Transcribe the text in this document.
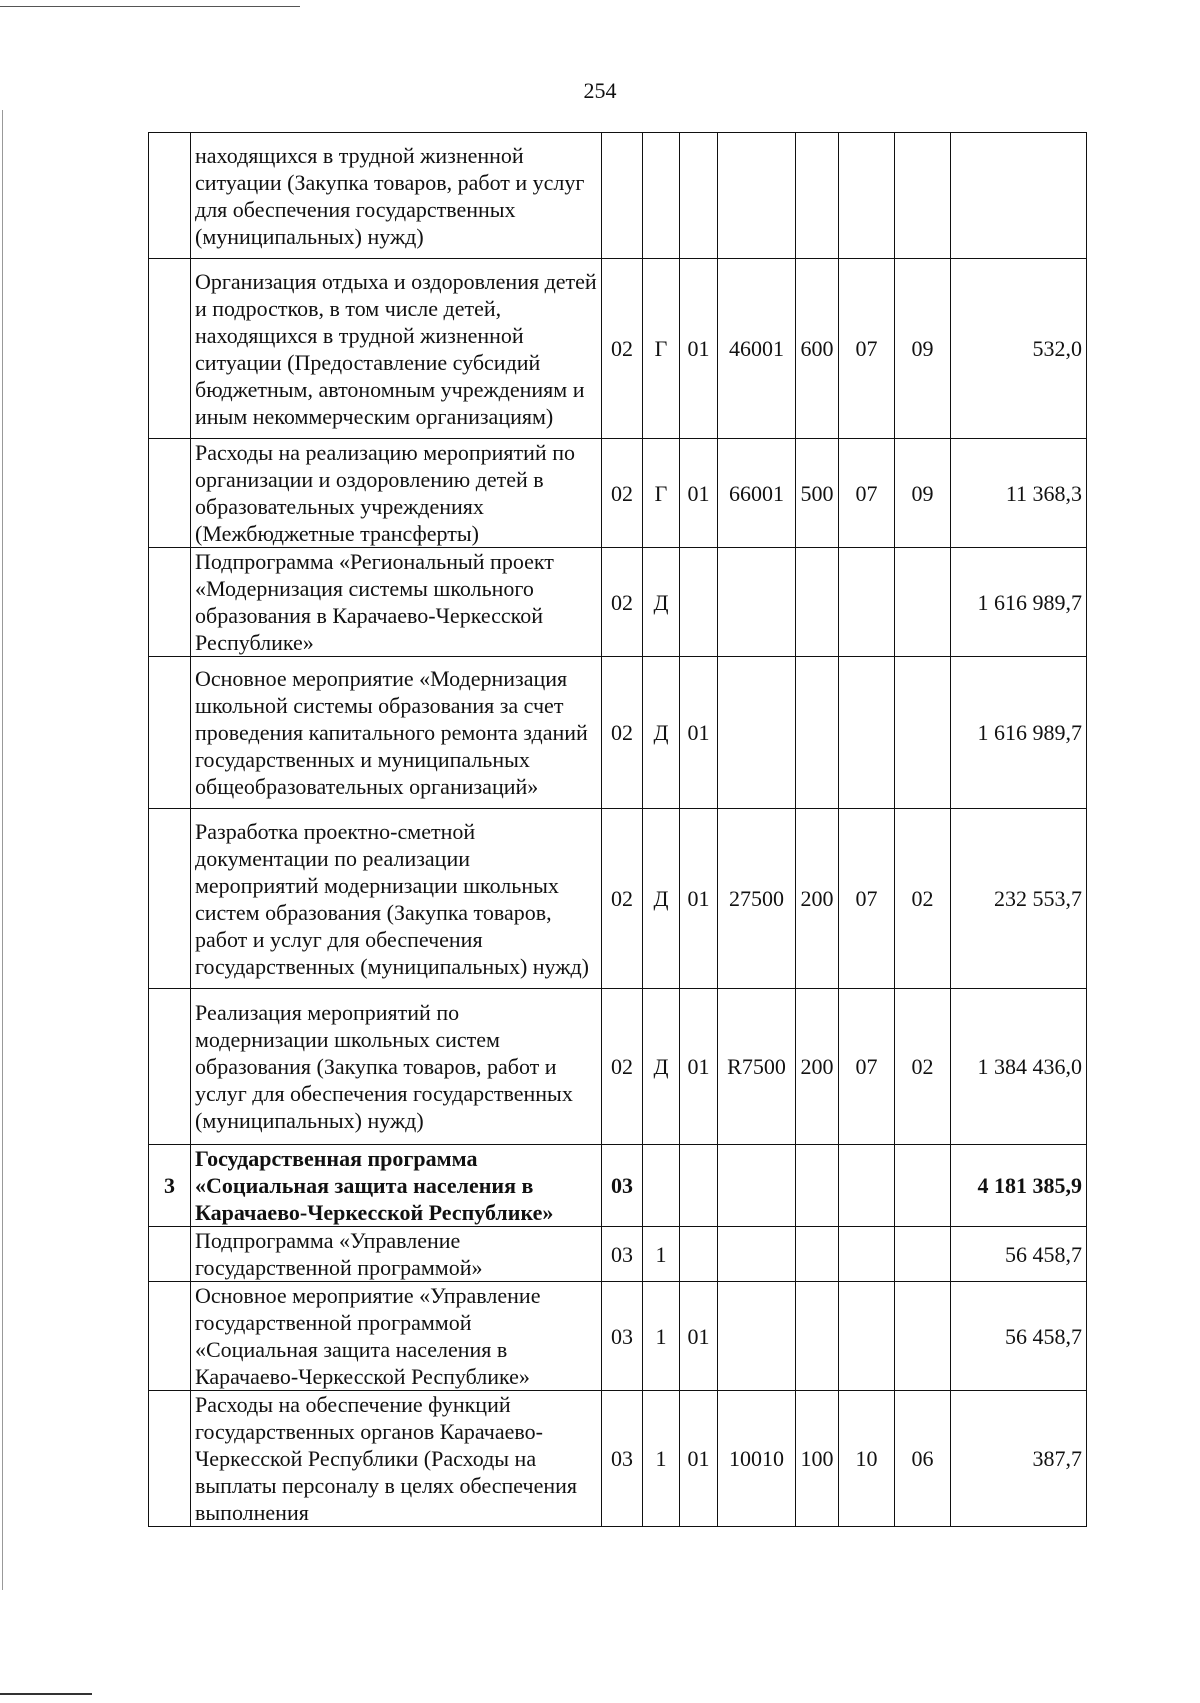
254
	находящихся в трудной жизненной ситуации (Закупка товаров, работ и услуг для обеспечения государственных (муниципальных) нужд)								
	Организация отдыха и оздоровления детей и подростков, в том числе детей, находящихся в трудной жизненной ситуации (Предоставление субсидий бюджетным, автономным учреждениям и иным некоммерческим организациям)	02	Г	01	46001	600	07	09	532,0
	Расходы на реализацию мероприятий по организации и оздоровлению детей в образовательных учреждениях (Межбюджетные трансферты)	02	Г	01	66001	500	07	09	11 368,3
	Подпрограмма «Региональный проект «Модернизация системы школьного образования в Карачаево-Черкесской Республике»	02	Д						1 616 989,7
	Основное мероприятие «Модернизация школьной системы образования за счет проведения капитального ремонта зданий государственных и муниципальных общеобразовательных организаций»	02	Д	01					1 616 989,7
	Разработка проектно-сметной документации по реализации мероприятий модернизации школьных систем образования (Закупка товаров, работ и услуг для обеспечения государственных (муниципальных) нужд)	02	Д	01	27500	200	07	02	232 553,7
	Реализация мероприятий по модернизации школьных систем образования (Закупка товаров, работ и услуг для обеспечения государственных (муниципальных) нужд)	02	Д	01	R7500	200	07	02	1 384 436,0
3	Государственная программа «Социальная защита населения в Карачаево-Черкесской Республике»	03							4 181 385,9
	Подпрограмма «Управление государственной программой»	03	1						56 458,7
	Основное мероприятие «Управление государственной программой «Социальная защита населения в Карачаево-Черкесской Республике»	03	1	01					56 458,7
	Расходы на обеспечение функций государственных органов Карачаево-Черкесской Республики (Расходы на выплаты персоналу в целях обеспечения выполнения	03	1	01	10010	100	10	06	387,7
